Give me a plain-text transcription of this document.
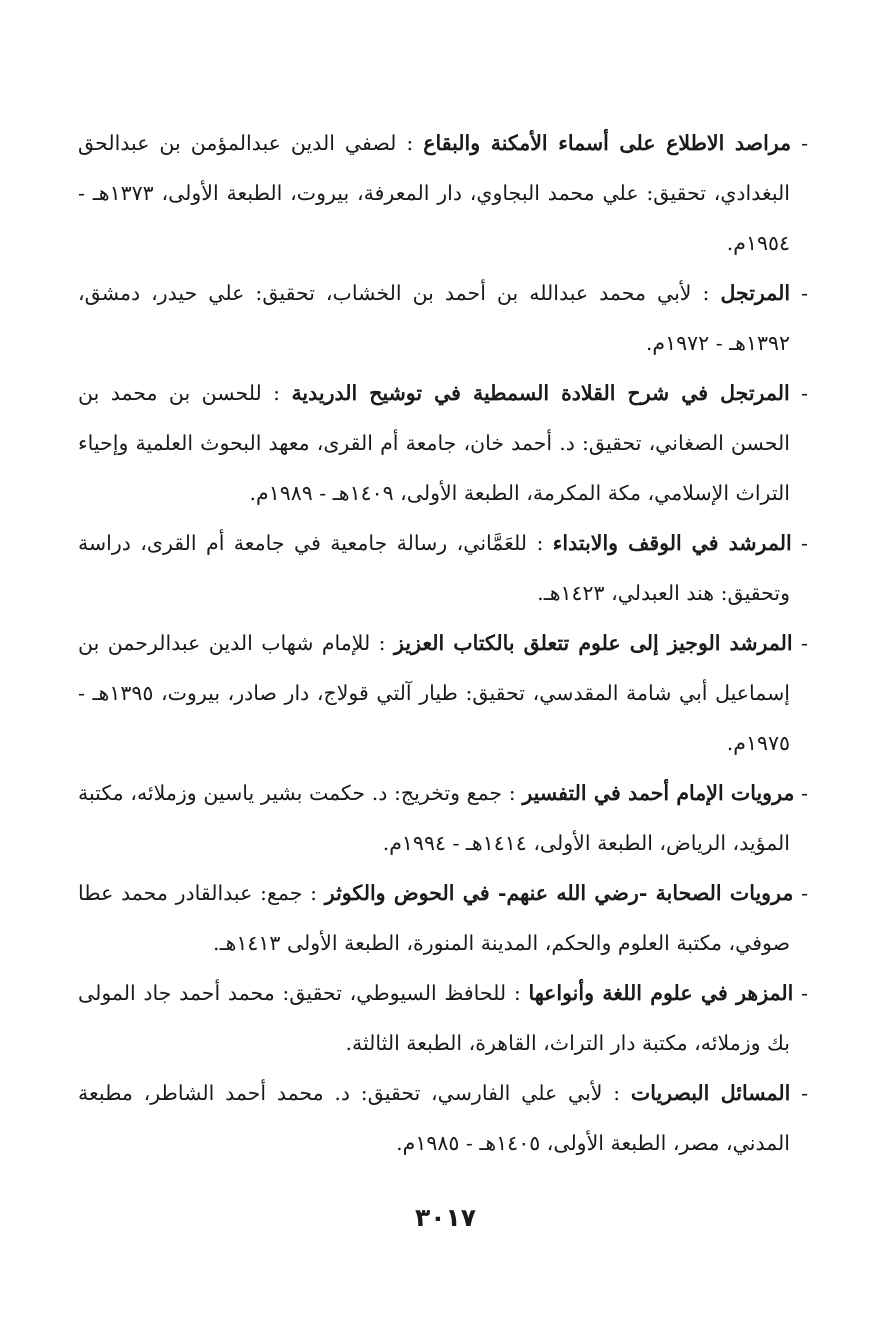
- مراصد الاطلاع على أسماء الأمكنة والبقاع : لصفي الدين عبدالمؤمن بن عبدالحق البغدادي، تحقيق: علي محمد البجاوي، دار المعرفة، بيروت، الطبعة الأولى، ١٣٧٣هـ - ١٩٥٤م.

- المرتجل : لأبي محمد عبدالله بن أحمد بن الخشاب، تحقيق: علي حيدر، دمشق، ١٣٩٢هـ - ١٩٧٢م.

- المرتجل في شرح القلادة السمطية في توشيح الدريدية : للحسن بن محمد بن الحسن الصغاني، تحقيق: د. أحمد خان، جامعة أم القرى، معهد البحوث العلمية وإحياء التراث الإسلامي، مكة المكرمة، الطبعة الأولى، ١٤٠٩هـ - ١٩٨٩م.

- المرشد في الوقف والابتداء : للعَمَّاني، رسالة جامعية في جامعة أم القرى، دراسة وتحقيق: هند العبدلي، ١٤٢٣هـ.

- المرشد الوجيز إلى علوم تتعلق بالكتاب العزيز : للإمام شهاب الدين عبدالرحمن بن إسماعيل أبي شامة المقدسي، تحقيق: طيار آلتي قولاج، دار صادر، بيروت، ١٣٩٥هـ - ١٩٧٥م.

- مرويات الإمام أحمد في التفسير : جمع وتخريج: د. حكمت بشير ياسين وزملائه، مكتبة المؤيد، الرياض، الطبعة الأولى، ١٤١٤هـ - ١٩٩٤م.

- مرويات الصحابة -رضي الله عنهم- في الحوض والكوثر : جمع: عبدالقادر محمد عطا صوفي، مكتبة العلوم والحكم، المدينة المنورة، الطبعة الأولى ١٤١٣هـ.

- المزهر في علوم اللغة وأنواعها : للحافظ السيوطي، تحقيق: محمد أحمد جاد المولى بك وزملائه، مكتبة دار التراث، القاهرة، الطبعة الثالثة.

- المسائل البصريات : لأبي علي الفارسي، تحقيق: د. محمد أحمد الشاطر، مطبعة المدني، مصر، الطبعة الأولى، ١٤٠٥هـ - ١٩٨٥م.

٣٠١٧
